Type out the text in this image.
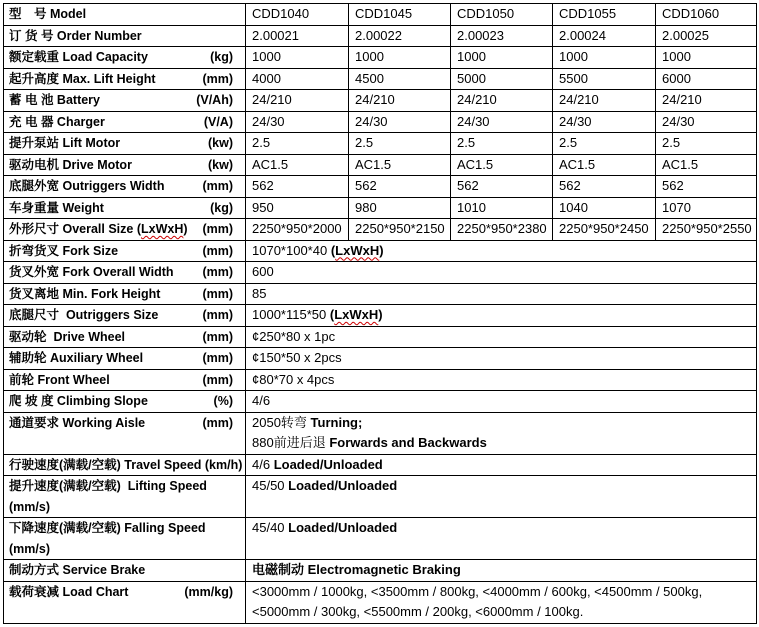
型　号 Model	CDD1040	CDD1045	CDD1050	CDD1055	CDD1060

订 货 号 Order Number	2.00021	2.00022	2.00023	2.00024	2.00025

额定载重 Load Capacity (kg)	1000	1000	1000	1000	1000

起升高度 Max. Lift Height (mm)	4000	4500	5000	5500	6000

蓄 电 池 Battery (V/Ah)	24/210	24/210	24/210	24/210	24/210

充 电 器 Charger (V/A)	24/30	24/30	24/30	24/30	24/30

提升泵站 Lift Motor (kw)	2.5	2.5	2.5	2.5	2.5

驱动电机 Drive Motor (kw)	AC1.5	AC1.5	AC1.5	AC1.5	AC1.5

底腿外宽 Outriggers Width (mm)	562	562	562	562	562

车身重量 Weight (kg)	950	980	1010	1040	1070

外形尺寸 Overall Size (LxWxH) (mm)	2250*950*2000	2250*950*2150	2250*950*2380	2250*950*2450	2250*950*2550

折弯货叉 Fork Size (mm)	1070*100*40 (LxWxH)				

货叉外宽 Fork Overall Width (mm)	600				

货叉离地 Min. Fork Height (mm)	85				

底腿尺寸  Outriggers Size (mm)	1000*115*50 (LxWxH)				

驱动轮  Drive Wheel (mm)	¢250*80 x 1pc				

辅助轮 Auxiliary Wheel (mm)	¢150*50 x 2pcs				

前轮 Front Wheel (mm)	¢80*70 x 4pcs				

爬 坡 度 Climbing Slope (%)	4/6				

通道要求 Working Aisle (mm)	2050转弯 Turning;
880前进后退 Forwards and Backwards				

行驶速度(满载/空载) Travel Speed (km/h)	4/6 Loaded/Unloaded				

提升速度(满载/空载)  Lifting Speed
(mm/s)	45/50 Loaded/Unloaded				

下降速度(满载/空载) Falling Speed
(mm/s)	45/40 Loaded/Unloaded				

制动方式 Service Brake	电磁制动 Electromagnetic Braking				

载荷衰减 Load Chart (mm/kg)	<3000mm / 1000kg, <3500mm / 800kg, <4000mm / 600kg, <4500mm / 500kg,
<5000mm / 300kg, <5500mm / 200kg, <6000mm / 100kg.				
